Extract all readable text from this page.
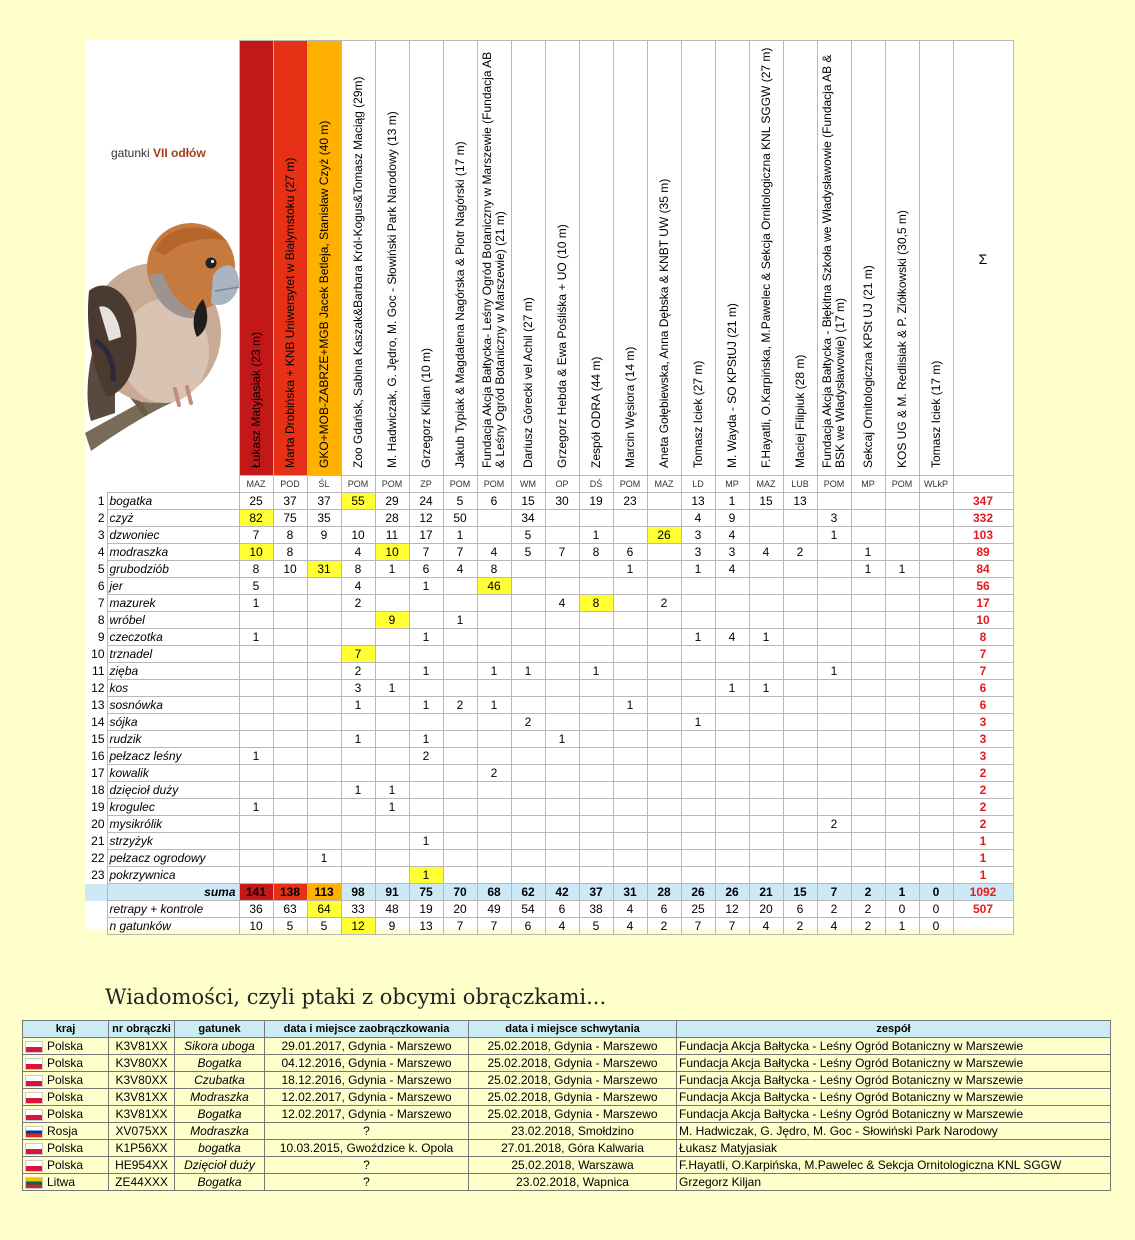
gatunki VII odłów		Łukasz Matyjasiak (23 m)	Marta Drobińska + KNB Uniwersytet w Białymstoku (27 m)	GKO+MOB-ZABRZE+MGB Jacek Betleja, Stanisław Czyż (40 m)	Zoo Gdańsk, Sabina Kaszak&Barbara Król-Kogus&Tomasz Maciąg (29m)	M. Hadwiczak, G. Jędro, M. Goc - Słowiński Park Narodowy (13 m)	Grzegorz Kilian (10 m)	Jakub Typiak & Magdalena Nagórska & Piotr Nagórski (17 m)	Fundacja Akcja Bałtycka- Leśny Ogród Botaniczny w Marszewie (Fundacja AB & Leśny Ogród Botaniczny w Marszewie) (21 m)	Dariusz Górecki vel Achil (27 m)	Grzegorz Hebda & Ewa Pośliśka + UO (10 m)	Zespół ODRA (44 m)	Marcin Węsiora (14 m)	Aneta Gołębiewska, Anna Dębska & KNBT UW (35 m)	Tomasz Iciek (27 m)	M. Wayda - SO KPStUJ (21 m)	F.Hayatli, O.Karpińska, M.Pawelec & Sekcja Ornitologiczna KNL SGGW (27 m)	Maciej Filipiuk (28 m)	Fundacja Akcja Bałtycka - Błękitna Szkoła we Władysławowie (Fundacja AB & BSK we Władysławowie) (17 m)	Sekcaj Ornitologiczna KPSt UJ (21 m)	KOS UG & M. Redlisiak & P. Ziółkowski (30,5 m)	Tomasz Iciek (17 m)	Σ

		MAZ	POD	ŚL	POM	POM	ZP	POM	POM	WM	OP	DŚ	POM	MAZ	LD	MP	MAZ	LUB	POM	MP	POM	WLkP	
1	bogatka	25	37	37	55	29	24	5	6	15	30	19	23		13	1	15	13					347
2	czyż	82	75	35		28	12	50		34					4	9			3				332
3	dzwoniec	7	8	9	10	11	17	1		5		1		26	3	4			1				103
4	modraszka	10	8		4	10	7	7	4	5	7	8	6		3	3	4	2		1			89
5	grubodziób	8	10	31	8	1	6	4	8				1		1	4				1	1		84
6	jer	5			4		1		46														56
7	mazurek	1			2						4	8		2									17
8	wróbel					9		1															10
9	czeczotka	1					1								1	4	1						8
10	trznadel				7																		7
11	zięba				2		1		1	1		1							1				7
12	kos				3	1										1	1						6
13	sosnówka				1		1	2	1				1										6
14	sójka									2					1								3
15	rudzik				1		1				1												3
16	pełzacz leśny	1					2																3
17	kowalik								2														2
18	dzięcioł duży				1	1																	2
19	krogulec	1				1																	2
20	mysikrólik																		2				2
21	strzyżyk						1																1
22	pełzacz ogrodowy			1																			1
23	pokrzywnica						1																1
	suma	141	138	113	98	91	75	70	68	62	42	37	31	28	26	26	21	15	7	2	1	0	1092
	retrapy + kontrole	36	63	64	33	48	19	20	49	54	6	38	4	6	25	12	20	6	2	2	0	0	507
	n gatunków	10	5	5	12	9	13	7	7	6	4	5	4	2	7	7	4	2	4	2	1	0	
Wiadomości, czyli ptaki z obcymi obrączkami...
kraj	nr obrączki	gatunek	data i miejsce zaobrączkowania	data i miejsce schwytania	zespół
Polska	K3V81XX	Sikora uboga	29.01.2017, Gdynia - Marszewo	25.02.2018, Gdynia - Marszewo	Fundacja Akcja Bałtycka - Leśny Ogród Botaniczny w Marszewie
Polska	K3V80XX	Bogatka	04.12.2016, Gdynia - Marszewo	25.02.2018, Gdynia - Marszewo	Fundacja Akcja Bałtycka - Leśny Ogród Botaniczny w Marszewie
Polska	K3V80XX	Czubatka	18.12.2016, Gdynia - Marszewo	25.02.2018, Gdynia - Marszewo	Fundacja Akcja Bałtycka - Leśny Ogród Botaniczny w Marszewie
Polska	K3V81XX	Modraszka	12.02.2017, Gdynia - Marszewo	25.02.2018, Gdynia - Marszewo	Fundacja Akcja Bałtycka - Leśny Ogród Botaniczny w Marszewie
Polska	K3V81XX	Bogatka	12.02.2017, Gdynia - Marszewo	25.02.2018, Gdynia - Marszewo	Fundacja Akcja Bałtycka - Leśny Ogród Botaniczny w Marszewie
Rosja	XV075XX	Modraszka	?	23.02.2018, Smołdzino	M. Hadwiczak, G. Jędro, M. Goc - Słowiński Park Narodowy
Polska	K1P56XX	bogatka	10.03.2015, Gwoździce k. Opola	27.01.2018, Góra Kalwaria	Łukasz Matyjasiak
Polska	HE954XX	Dzięcioł duży	?	25.02.2018, Warszawa	F.Hayatli, O.Karpińska, M.Pawelec & Sekcja Ornitologiczna KNL SGGW
Litwa	ZE44XXX	Bogatka	?	23.02.2018, Wapnica	Grzegorz Kiljan
